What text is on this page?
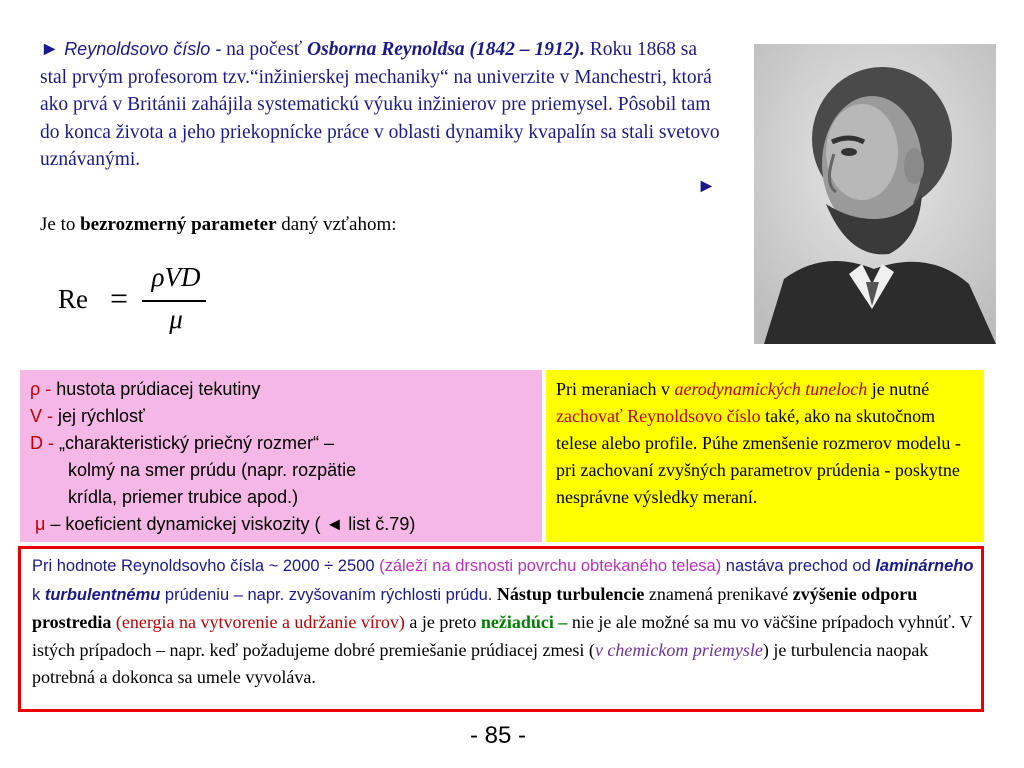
► Reynoldsovo číslo - na počesť Osborna Reynoldsa (1842 – 1912). Roku 1868 sa stal prvým profesorom tzv.“inžinierskej mechaniky“ na univerzite v Manchestri, ktorá ako prvá v Británii zahájila systematickú výuku inžinierov pre priemysel. Pôsobil tam do konca života a jeho priekopnícke práce v oblasti dynamiky kvapalín sa stali svetovo uznávanými.
►
Je to bezrozmerný parameter daný vzťahom:
Re =
ρVD
μ
ρ - hustota prúdiacej tekutiny
V - jej rýchlosť
D - „charakteristický priečný rozmer“ –
kolmý na smer prúdu (napr. rozpätie
krídla, priemer trubice apod.)
μ – koeficient dynamickej viskozity ( ◄ list č.79)
Pri meraniach v aerodynamických tuneloch je nutné zachovať Reynoldsovo číslo také, ako na skutočnom telese alebo profile. Púhe zmenšenie rozmerov modelu - pri zachovaní zvyšných parametrov prúdenia - poskytne nesprávne výsledky meraní.
Pri hodnote Reynoldsovho čísla ~ 2000 ÷ 2500 (záleží na drsnosti povrchu obtekaného telesa) nastáva prechod od laminárneho k turbulentnému prúdeniu – napr. zvyšovaním rýchlosti prúdu. Nástup turbulencie znamená prenikavé zvýšenie odporu prostredia (energia na vytvorenie a udržanie vírov) a je preto nežiadúci – nie je ale možné sa mu vo väčšine prípadoch vyhnúť. V istých prípadoch – napr. keď požadujeme dobré premiešanie prúdiacej zmesi (v chemickom priemysle) je turbulencia naopak potrebná a dokonca sa umele vyvoláva.
- 85 -
